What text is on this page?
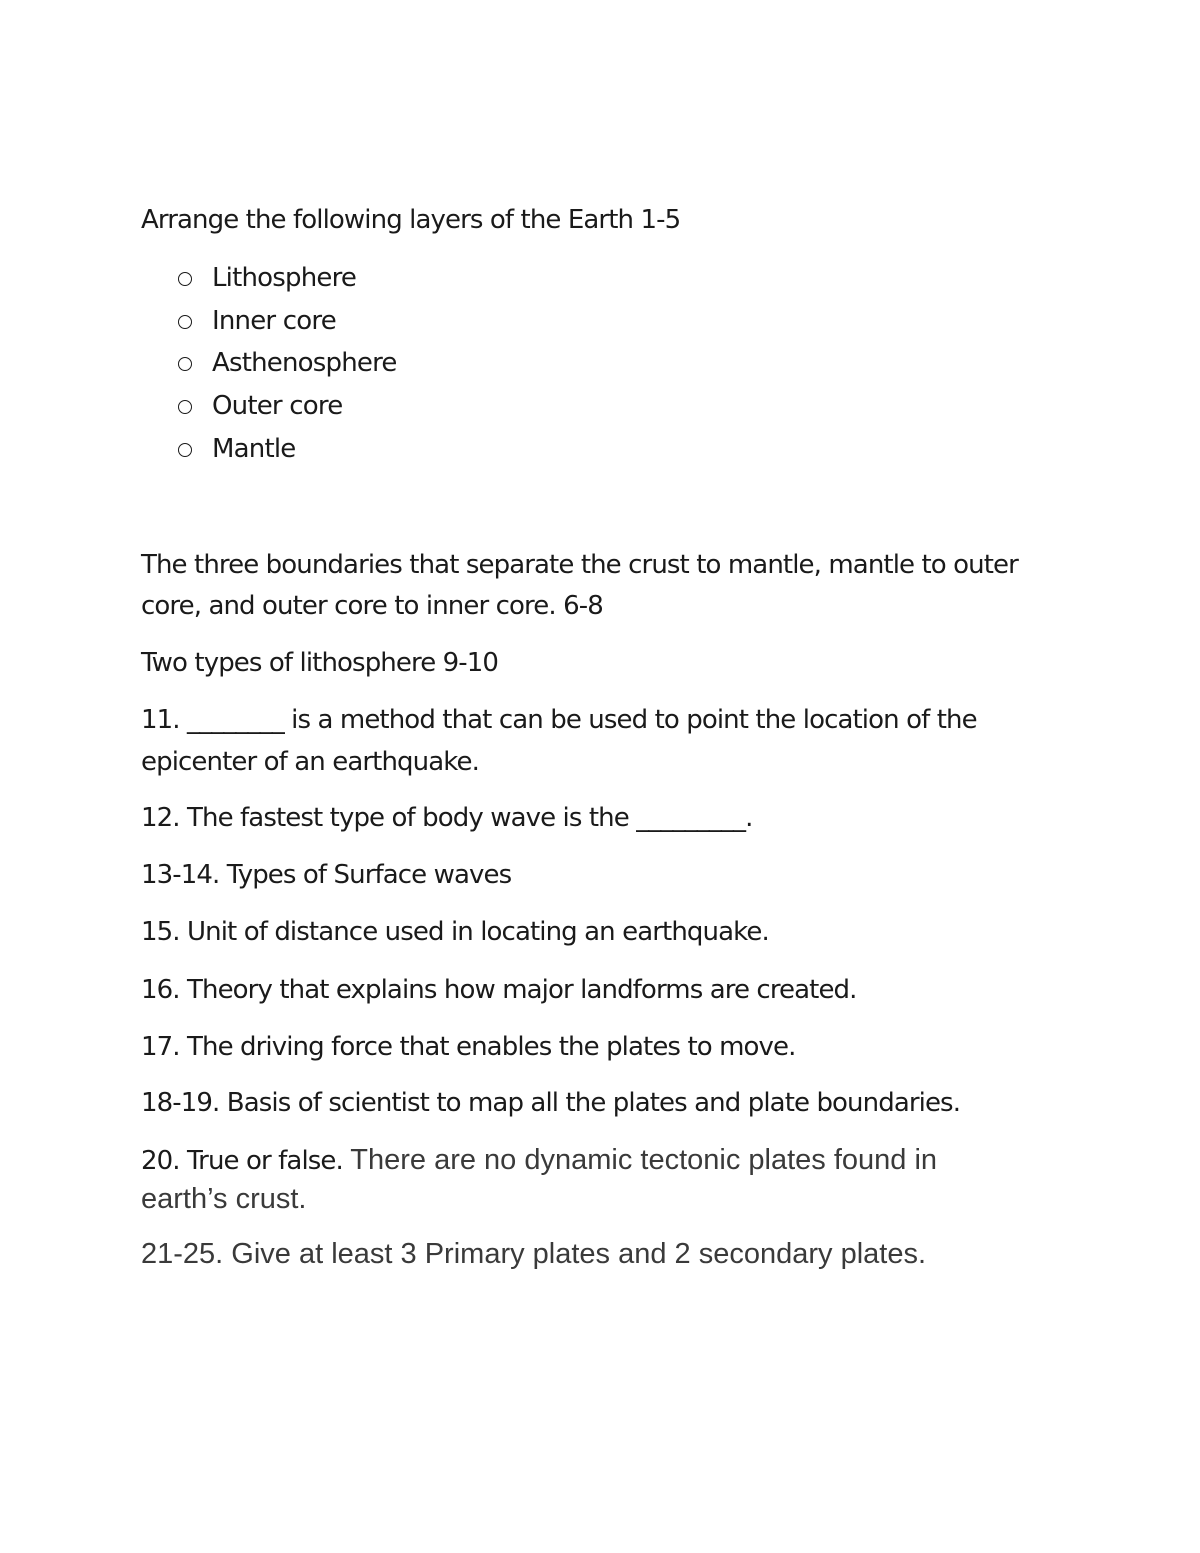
Arrange the following layers of the Earth 1-5

Lithosphere

Inner core

Asthenosphere

Outer core

Mantle

The three boundaries that separate the crust to mantle, mantle to outer

core, and outer core to inner core. 6-8

Two types of lithosphere 9-10

11. ________ is a method that can be used to point the location of the

epicenter of an earthquake.

12. The fastest type of body wave is the _________.

13-14. Types of Surface waves

15. Unit of distance used in locating an earthquake.

16. Theory that explains how major landforms are created.

17. The driving force that enables the plates to move.

18-19. Basis of scientist to map all the plates and plate boundaries.

20. True or false. There are no dynamic tectonic plates found in

earth’s crust.

21-25. Give at least 3 Primary plates and 2 secondary plates.
